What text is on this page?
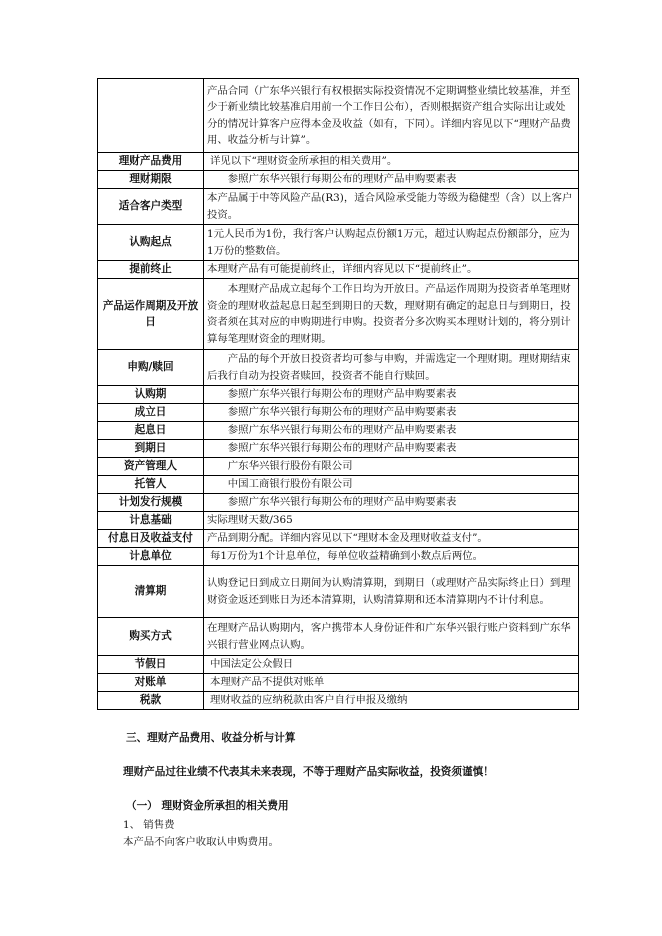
	产品合同（广东华兴银行有权根据实际投资情况不定期调整业绩比较基准，并至少于新业绩比较基准启用前一个工作日公布），否则根据资产组合实际出让或处分的情况计算客户应得本金及收益（如有，下同）。详细内容见以下“理财产品费用、收益分析与计算”。
理财产品费用	详见以下“理财资金所承担的相关费用”。
理财期限	参照广东华兴银行每期公布的理财产品申购要素表
适合客户类型	本产品属于中等风险产品(R3)，适合风险承受能力等级为稳健型（含）以上客户投资。
认购起点	1元人民币为1份，我行客户认购起点份额1万元，超过认购起点份额部分，应为1万份的整数倍。
提前终止	本理财产品有可能提前终止，详细内容见以下“提前终止”。
产品运作周期及开放日	本理财产品成立起每个工作日均为开放日。产品运作周期为投资者单笔理财资金的理财收益起息日起至到期日的天数，理财期有确定的起息日与到期日，投资者须在其对应的申购期进行申购。投资者分多次购买本理财计划的，将分别计算每笔理财资金的理财期。
申购/赎回	产品的每个开放日投资者均可参与申购，并需选定一个理财期。理财期结束后我行自动为投资者赎回，投资者不能自行赎回。
认购期	参照广东华兴银行每期公布的理财产品申购要素表
成立日	参照广东华兴银行每期公布的理财产品申购要素表
起息日	参照广东华兴银行每期公布的理财产品申购要素表
到期日	参照广东华兴银行每期公布的理财产品申购要素表
资产管理人	广东华兴银行股份有限公司
托管人	中国工商银行股份有限公司
计划发行规模	参照广东华兴银行每期公布的理财产品申购要素表
计息基础	实际理财天数/365
付息日及收益支付	产品到期分配。详细内容见以下“理财本金及理财收益支付”。
计息单位	每1万份为1个计息单位，每单位收益精确到小数点后两位。
清算期	认购登记日到成立日期间为认购清算期，到期日（或理财产品实际终止日）到理财资金返还到账日为还本清算期，认购清算期和还本清算期内不计付利息。
购买方式	在理财产品认购期内，客户携带本人身份证件和广东华兴银行账户资料到广东华兴银行营业网点认购。
节假日	中国法定公众假日
对账单	本理财产品不提供对账单
税款	理财收益的应纳税款由客户自行申报及缴纳
三、理财产品费用、收益分析与计算
理财产品过往业绩不代表其未来表现，不等于理财产品实际收益，投资须谨慎！
（一） 理财资金所承担的相关费用
1、 销售费
本产品不向客户收取认申购费用。
